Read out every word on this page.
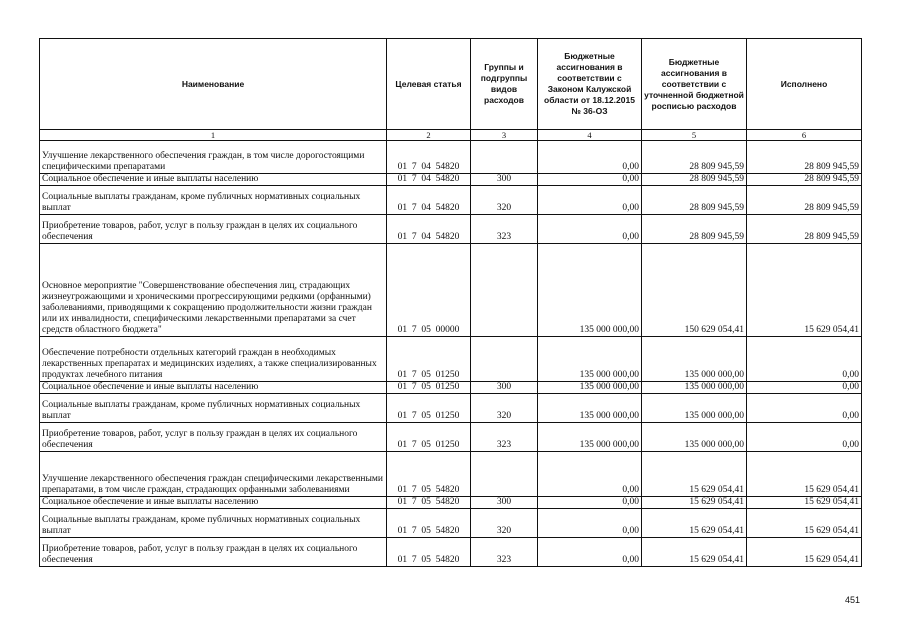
Наименование	Целевая статья	Группы и подгруппы видов расходов	Бюджетные ассигнования в соответствии с Законом Калужской области от 18.12.2015 № 36-ОЗ	Бюджетные ассигнования в соответствии с уточненной бюджетной росписью расходов	Исполнено
1	2	3	4	5	6
Улучшение лекарственного обеспечения граждан, в том числе дорогостоящими специфическими препаратами	01  7  04  54820		0,00	28 809 945,59	28 809 945,59
Социальное обеспечение и иные выплаты населению	01  7  04  54820	300	0,00	28 809 945,59	28 809 945,59
Социальные выплаты гражданам, кроме публичных нормативных социальных выплат	01  7  04  54820	320	0,00	28 809 945,59	28 809 945,59
Приобретение товаров, работ, услуг в пользу граждан в целях их социального обеспечения	01  7  04  54820	323	0,00	28 809 945,59	28 809 945,59
Основное мероприятие "Совершенствование обеспечения лиц, страдающих жизнеугрожающими и хроническими прогрессирующими редкими (орфанными) заболеваниями, приводящими к сокращению продолжительности жизни граждан или их инвалидности, специфическими лекарственными препаратами за счет средств областного бюджета"	01  7  05  00000		135 000 000,00	150 629 054,41	15 629 054,41
Обеспечение потребности отдельных категорий граждан в необходимых лекарственных препаратах и медицинских изделиях, а также специализированных продуктах лечебного питания	01  7  05  01250		135 000 000,00	135 000 000,00	0,00
Социальное обеспечение и иные выплаты населению	01  7  05  01250	300	135 000 000,00	135 000 000,00	0,00
Социальные выплаты гражданам, кроме публичных нормативных социальных выплат	01  7  05  01250	320	135 000 000,00	135 000 000,00	0,00
Приобретение товаров, работ, услуг в пользу граждан в целях их социального обеспечения	01  7  05  01250	323	135 000 000,00	135 000 000,00	0,00
Улучшение лекарственного обеспечения граждан специфическими лекарственными препаратами, в том числе граждан, страдающих орфанными заболеваниями	01  7  05  54820		0,00	15 629 054,41	15 629 054,41
Социальное обеспечение и иные выплаты населению	01  7  05  54820	300	0,00	15 629 054,41	15 629 054,41
Социальные выплаты гражданам, кроме публичных нормативных социальных выплат	01  7  05  54820	320	0,00	15 629 054,41	15 629 054,41
Приобретение товаров, работ, услуг в пользу граждан в целях их социального обеспечения	01  7  05  54820	323	0,00	15 629 054,41	15 629 054,41
451
